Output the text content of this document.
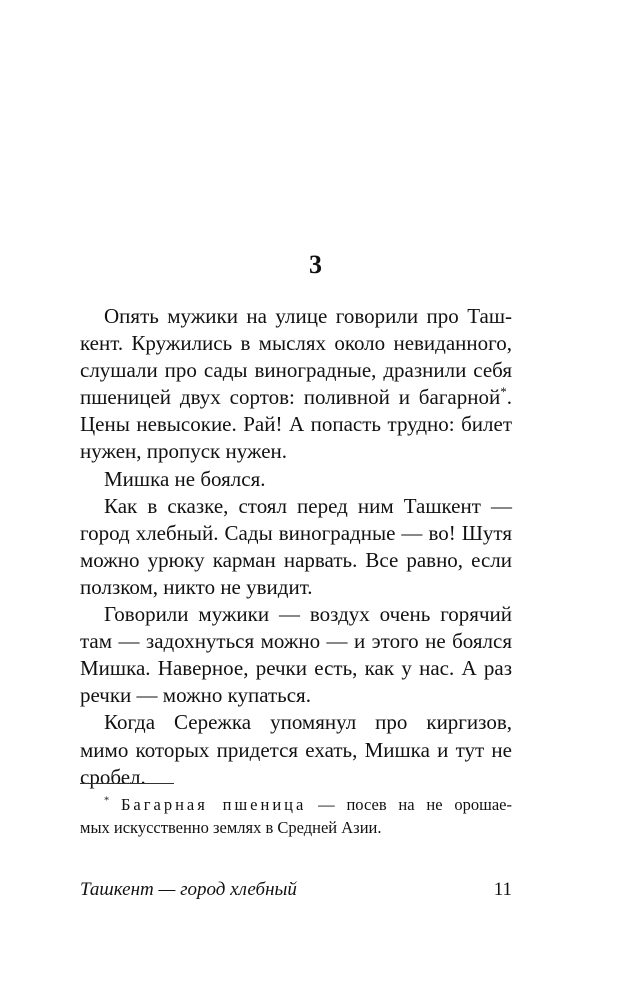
3
Опять мужики на улице говорили про Таш-
кент. Кружились в мыслях около невиданного,
слушали про сады виноградные, дразнили себя
пшеницей двух сортов: поливной и багарной*.
Цены невысокие. Рай! А попасть трудно: билет
нужен, пропуск нужен.
Мишка не боялся.
Как в сказке, стоял перед ним Ташкент —
город хлебный. Сады виноградные — во! Шутя
можно урюку карман нарвать. Все равно, если
ползком, никто не увидит.
Говорили мужики — воздух очень горячий
там — задохнуться можно — и этого не боялся
Мишка. Наверное, речки есть, как у нас. А раз
речки — можно купаться.
Когда Сережка упомянул про киргизов,
мимо которых придется ехать, Мишка и тут не
сробел.
* Багарная пшеница — посев на не орошае-
мых искусственно землях в Средней Азии.
Ташкент — город хлебный	11
